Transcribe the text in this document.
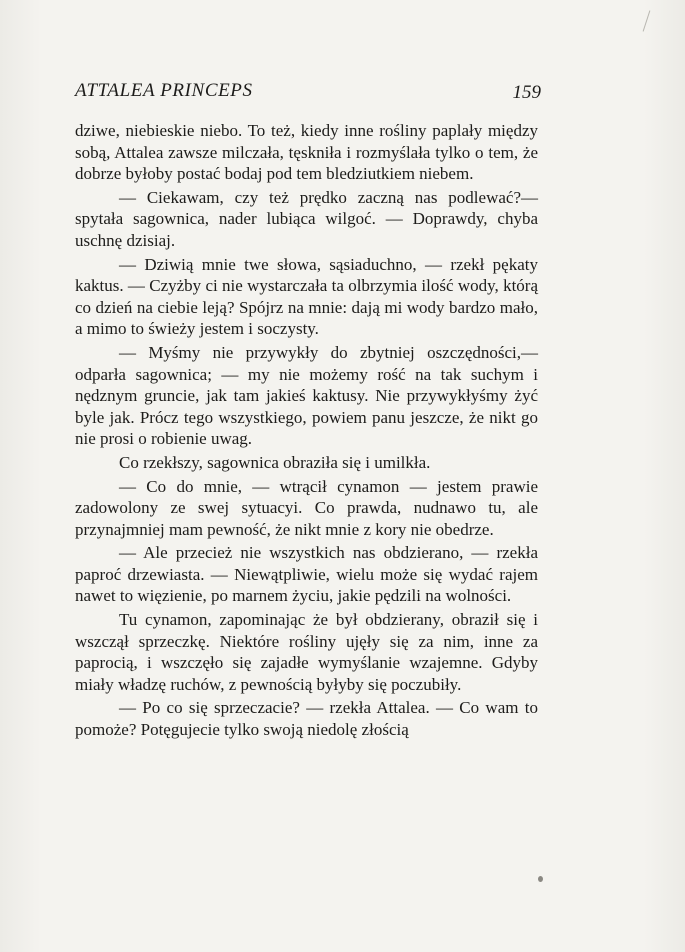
ATTALEA PRINCEPS	159

dziwe, niebieskie niebo. To też, kiedy inne rośliny paplały między sobą, Attalea zawsze milczała, tęskniła i rozmyślała tylko o tem, że dobrze byłoby postać bodaj pod tem bledziutkiem niebem.

— Ciekawam, czy też prędko zaczną nas podlewać?— spytała sagownica, nader lubiąca wilgoć. — Doprawdy, chyba uschnę dzisiaj.

— Dziwią mnie twe słowa, sąsiaduchno, — rzekł pękaty kaktus. — Czyżby ci nie wystarczała ta olbrzymia ilość wody, którą co dzień na ciebie leją? Spójrz na mnie: dają mi wody bardzo mało, a mimo to świeży jestem i soczysty.

— Myśmy nie przywykły do zbytniej oszczędności,— odparła sagownica; — my nie możemy rość na tak suchym i nędznym gruncie, jak tam jakieś kaktusy. Nie przywykłyśmy żyć byle jak. Prócz tego wszystkiego, powiem panu jeszcze, że nikt go nie prosi o robienie uwag.

Co rzekłszy, sagownica obraziła się i umilkła.

— Co do mnie, — wtrącił cynamon — jestem prawie zadowolony ze swej sytuacyi. Co prawda, nudnawo tu, ale przynajmniej mam pewność, że nikt mnie z kory nie obedrze.

— Ale przecież nie wszystkich nas obdzierano, — rzekła paproć drzewiasta. — Niewątpliwie, wielu może się wydać rajem nawet to więzienie, po marnem życiu, jakie pędzili na wolności.

Tu cynamon, zapominając że był obdzierany, obraził się i wszczął sprzeczkę. Niektóre rośliny ujęły się za nim, inne za paprocią, i wszczęło się zajadłe wymyślanie wzajemne. Gdyby miały władzę ruchów, z pewnością byłyby się poczubiły.

— Po co się sprzeczacie? — rzekła Attalea. — Co wam to pomoże? Potęgujecie tylko swoją niedolę złością
